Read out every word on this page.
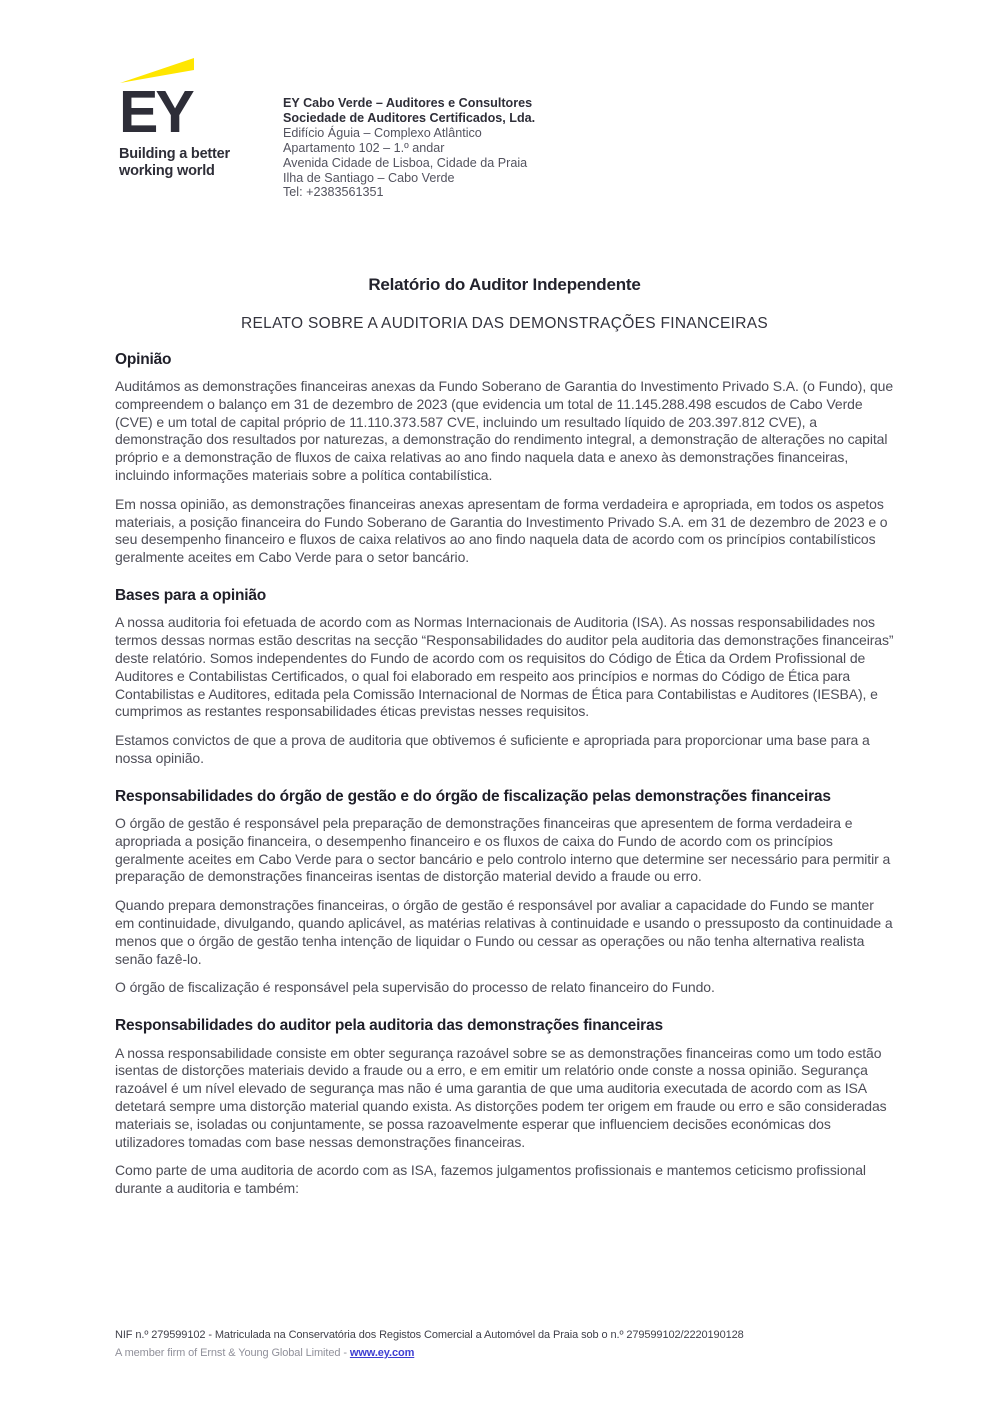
EY
Building a better
working world
EY Cabo Verde – Auditores e Consultores
Sociedade de Auditores Certificados, Lda.
Edifício Águia – Complexo Atlântico
Apartamento 102 – 1.º andar
Avenida Cidade de Lisboa, Cidade da Praia
Ilha de Santiago – Cabo Verde
Tel: +2383561351
Relatório do Auditor Independente
RELATO SOBRE A AUDITORIA DAS DEMONSTRAÇÕES FINANCEIRAS
Opinião

Auditámos as demonstrações financeiras anexas da Fundo Soberano de Garantia do Investimento Privado S.A. (o Fundo), que compreendem o balanço em 31 de dezembro de 2023 (que evidencia um total de 11.145.288.498 escudos de Cabo Verde (CVE) e um total de capital próprio de 11.110.373.587 CVE, incluindo um resultado líquido de 203.397.812 CVE), a demonstração dos resultados por naturezas, a demonstração do rendimento integral, a demonstração de alterações no capital próprio e a demonstração de fluxos de caixa relativas ao ano findo naquela data e anexo às demonstrações financeiras, incluindo informações materiais sobre a política contabilística.

Em nossa opinião, as demonstrações financeiras anexas apresentam de forma verdadeira e apropriada, em todos os aspetos materiais, a posição financeira do Fundo Soberano de Garantia do Investimento Privado S.A. em 31 de dezembro de 2023 e o seu desempenho financeiro e fluxos de caixa relativos ao ano findo naquela data de acordo com os princípios contabilísticos geralmente aceites em Cabo Verde para o setor bancário.

Bases para a opinião

A nossa auditoria foi efetuada de acordo com as Normas Internacionais de Auditoria (ISA). As nossas responsabilidades nos termos dessas normas estão descritas na secção “Responsabilidades do auditor pela auditoria das demonstrações financeiras” deste relatório. Somos independentes do Fundo de acordo com os requisitos do Código de Ética da Ordem Profissional de Auditores e Contabilistas Certificados, o qual foi elaborado em respeito aos princípios e normas do Código de Ética para Contabilistas e Auditores, editada pela Comissão Internacional de Normas de Ética para Contabilistas e Auditores (IESBA), e cumprimos as restantes responsabilidades éticas previstas nesses requisitos.

Estamos convictos de que a prova de auditoria que obtivemos é suficiente e apropriada para proporcionar uma base para a nossa opinião.

Responsabilidades do órgão de gestão e do órgão de fiscalização pelas demonstrações financeiras

O órgão de gestão é responsável pela preparação de demonstrações financeiras que apresentem de forma verdadeira e apropriada a posição financeira, o desempenho financeiro e os fluxos de caixa do Fundo de acordo com os princípios geralmente aceites em Cabo Verde para o sector bancário e pelo controlo interno que determine ser necessário para permitir a preparação de demonstrações financeiras isentas de distorção material devido a fraude ou erro.

Quando prepara demonstrações financeiras, o órgão de gestão é responsável por avaliar a capacidade do Fundo se manter em continuidade, divulgando, quando aplicável, as matérias relativas à continuidade e usando o pressuposto da continuidade a menos que o órgão de gestão tenha intenção de liquidar o Fundo ou cessar as operações ou não tenha alternativa realista senão fazê-lo.

O órgão de fiscalização é responsável pela supervisão do processo de relato financeiro do Fundo.

Responsabilidades do auditor pela auditoria das demonstrações financeiras

A nossa responsabilidade consiste em obter segurança razoável sobre se as demonstrações financeiras como um todo estão isentas de distorções materiais devido a fraude ou a erro, e em emitir um relatório onde conste a nossa opinião. Segurança razoável é um nível elevado de segurança mas não é uma garantia de que uma auditoria executada de acordo com as ISA detetará sempre uma distorção material quando exista. As distorções podem ter origem em fraude ou erro e são consideradas materiais se, isoladas ou conjuntamente, se possa razoavelmente esperar que influenciem decisões económicas dos utilizadores tomadas com base nessas demonstrações financeiras.

Como parte de uma auditoria de acordo com as ISA, fazemos julgamentos profissionais e mantemos ceticismo profissional durante a auditoria e também:

NIF n.º 279599102 - Matriculada na Conservatória dos Registos Comercial a Automóvel da Praia sob o n.º 279599102/2220190128
A member firm of Ernst & Young Global Limited - www.ey.com
